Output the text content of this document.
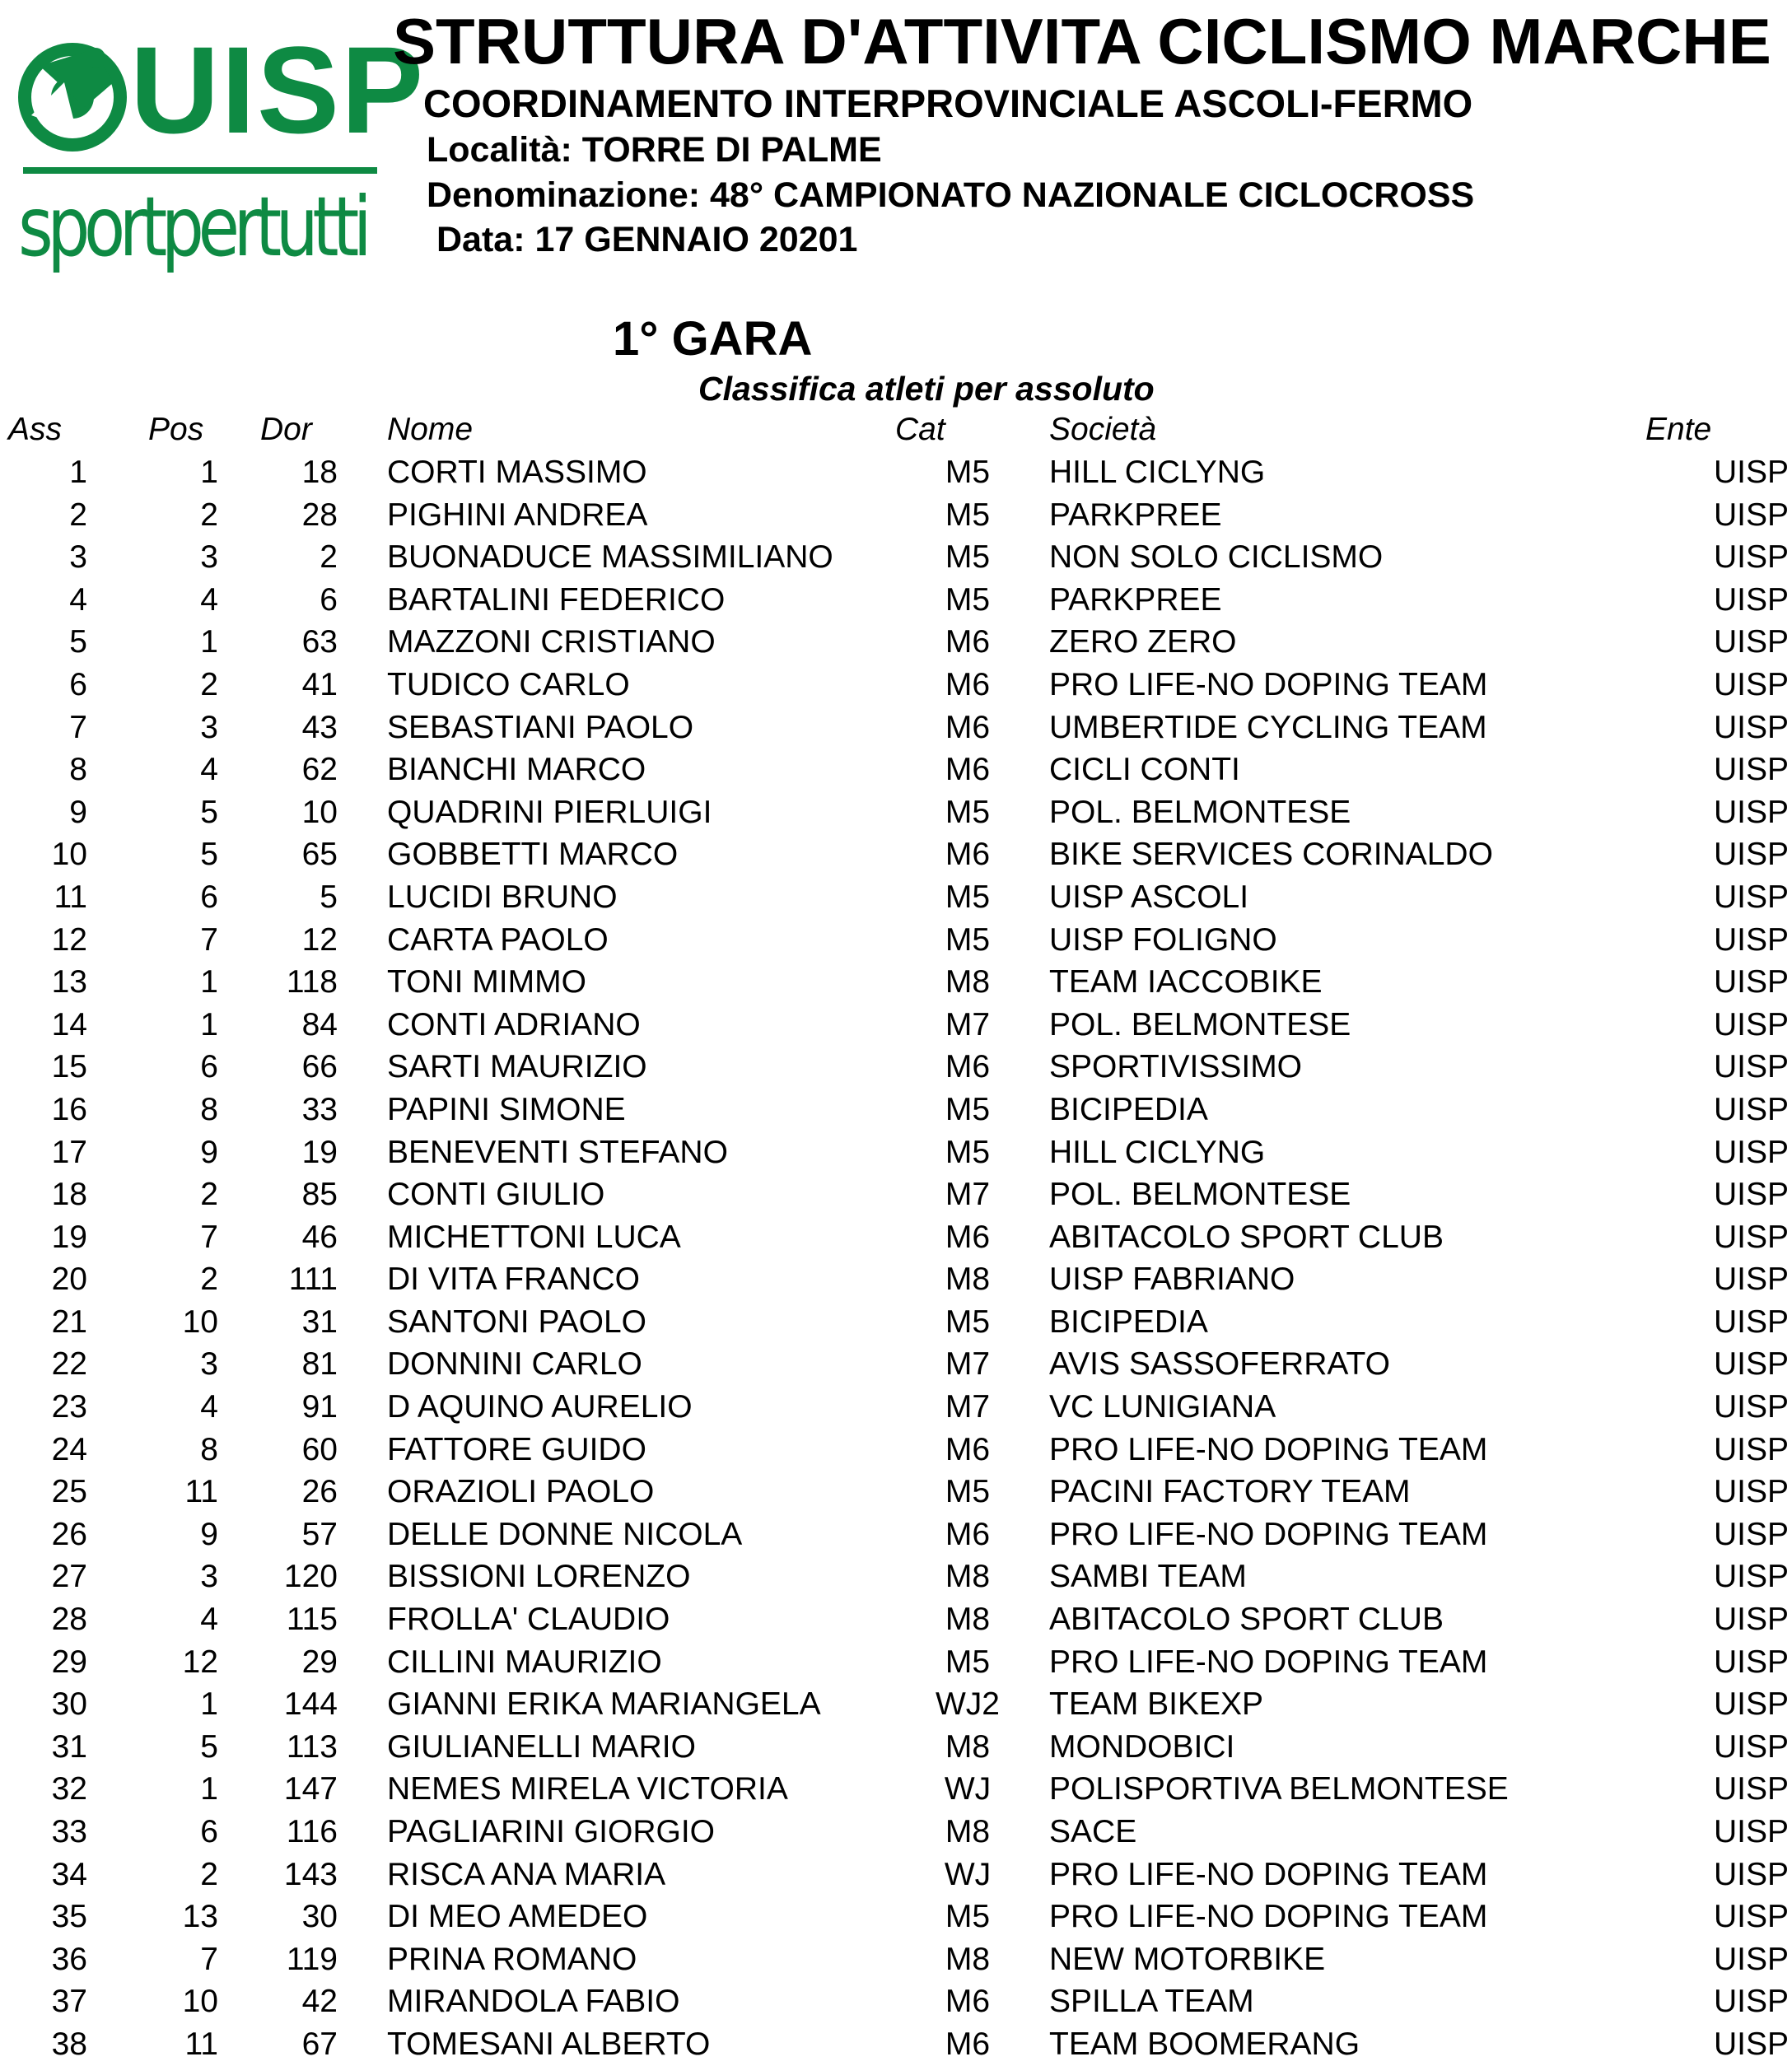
UISP
sportpertutti
STRUTTURA D'ATTIVITA CICLISMO MARCHE
COORDINAMENTO INTERPROVINCIALE ASCOLI-FERMO
Località: TORRE DI PALME
Denominazione: 48° CAMPIONATO NAZIONALE CICLOCROSS
Data: 17 GENNAIO 20201
1° GARA
Classifica atleti per assoluto
Ass	Pos Dor Nome	Cat	Società	Ente
1	1	18 CORTI MASSIMO	M5	HILL CICLYNG	UISP
2	2	28 PIGHINI ANDREA	M5	PARKPREE	UISP
3	3	2 BUONADUCE MASSIMILIANO	M5	NON SOLO CICLISMO	UISP
4	4	6 BARTALINI FEDERICO	M5	PARKPREE	UISP
5	1	63 MAZZONI CRISTIANO	M6	ZERO ZERO	UISP
6	2	41 TUDICO CARLO	M6	PRO LIFE-NO DOPING TEAM	UISP
7	3	43 SEBASTIANI PAOLO	M6	UMBERTIDE CYCLING TEAM	UISP
8	4	62 BIANCHI MARCO	M6	CICLI CONTI	UISP
9	5	10 QUADRINI PIERLUIGI	M5	POL. BELMONTESE	UISP
10	5	65 GOBBETTI MARCO	M6	BIKE SERVICES CORINALDO	UISP
11	6	5 LUCIDI BRUNO	M5	UISP ASCOLI	UISP
12	7	12 CARTA PAOLO	M5	UISP FOLIGNO	UISP
13	1 118 TONI MIMMO	M8	TEAM IACCOBIKE	UISP
14	1	84 CONTI ADRIANO	M7	POL. BELMONTESE	UISP
15	6	66 SARTI MAURIZIO	M6	SPORTIVISSIMO	UISP
16	8	33 PAPINI SIMONE	M5	BICIPEDIA	UISP
17	9	19 BENEVENTI STEFANO	M5	HILL CICLYNG	UISP
18	2	85 CONTI GIULIO	M7	POL. BELMONTESE	UISP
19	7	46 MICHETTONI LUCA	M6	ABITACOLO SPORT CLUB	UISP
20	2 111 DI VITA FRANCO	M8	UISP FABRIANO	UISP
21	10	31 SANTONI PAOLO	M5	BICIPEDIA	UISP
22	3	81 DONNINI CARLO	M7	AVIS SASSOFERRATO	UISP
23	4	91 D AQUINO AURELIO	M7	VC LUNIGIANA	UISP
24	8	60 FATTORE GUIDO	M6	PRO LIFE-NO DOPING TEAM	UISP
25	11	26 ORAZIOLI PAOLO	M5	PACINI FACTORY TEAM	UISP
26	9	57 DELLE DONNE NICOLA	M6	PRO LIFE-NO DOPING TEAM	UISP
27	3 120 BISSIONI LORENZO	M8	SAMBI TEAM	UISP
28	4 115 FROLLA' CLAUDIO	M8	ABITACOLO SPORT CLUB	UISP
29	12	29 CILLINI MAURIZIO	M5	PRO LIFE-NO DOPING TEAM	UISP
30	1 144 GIANNI ERIKA MARIANGELA	WJ2	TEAM BIKEXP	UISP
31	5 113 GIULIANELLI MARIO	M8	MONDOBICI	UISP
32	1 147 NEMES MIRELA VICTORIA	WJ	POLISPORTIVA BELMONTESE	UISP
33	6 116 PAGLIARINI GIORGIO	M8	SACE	UISP
34	2 143 RISCA ANA MARIA	WJ	PRO LIFE-NO DOPING TEAM	UISP
35	13	30 DI MEO AMEDEO	M5	PRO LIFE-NO DOPING TEAM	UISP
36	7 119 PRINA ROMANO	M8	NEW MOTORBIKE	UISP
37	10	42 MIRANDOLA FABIO	M6	SPILLA TEAM	UISP
38	11	67 TOMESANI ALBERTO	M6	TEAM BOOMERANG	UISP
